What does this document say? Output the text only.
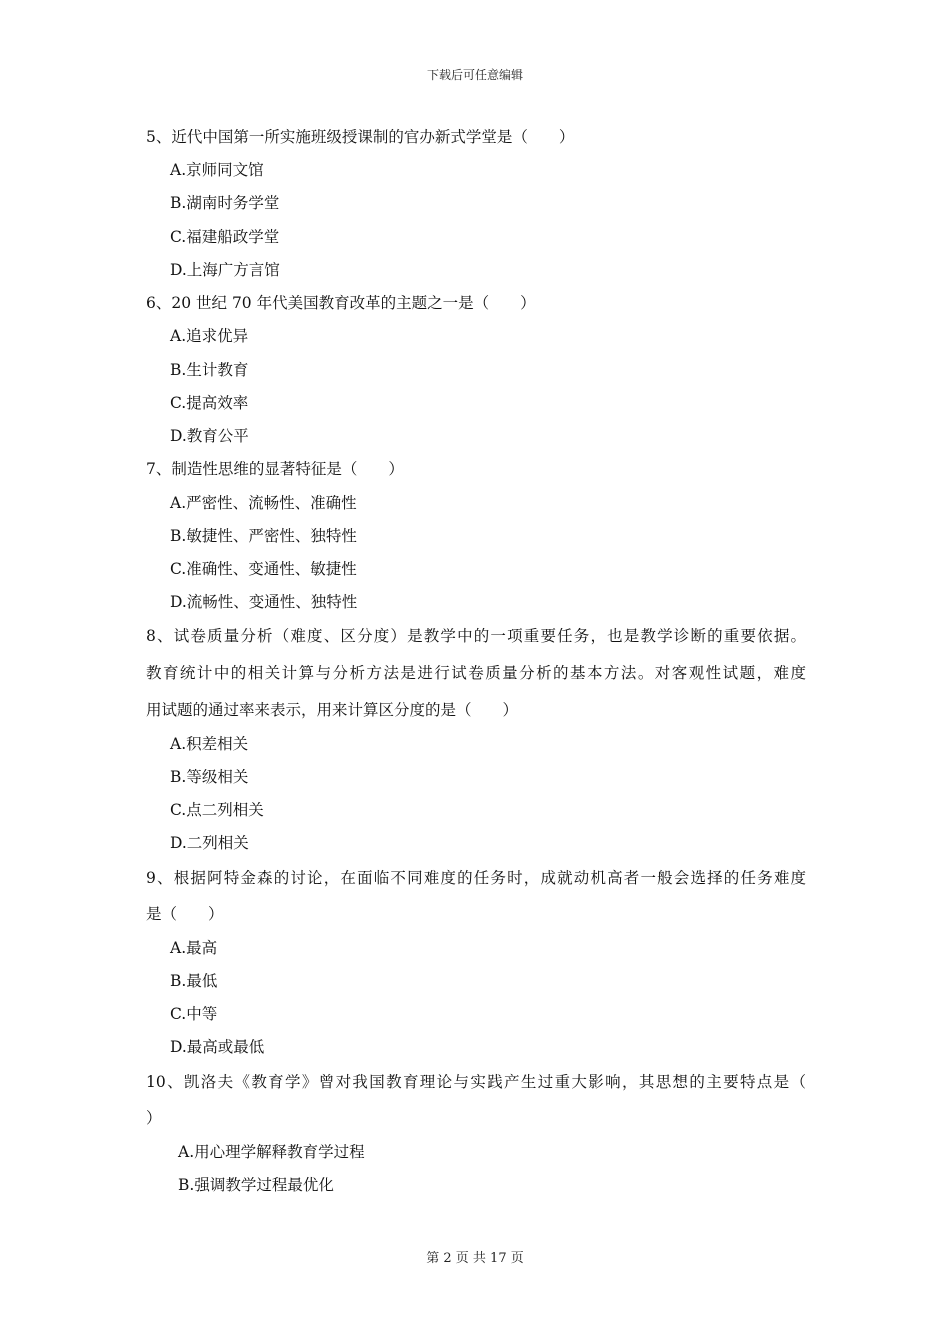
下载后可任意编辑
5、近代中国第一所实施班级授课制的官办新式学堂是（　　）
A.京师同文馆
B.湖南时务学堂
C.福建船政学堂
D.上海广方言馆
6、20 世纪 70 年代美国教育改革的主题之一是（　　）
A.追求优异
B.生计教育
C.提高效率
D.教育公平
7、制造性思维的显著特征是（　　）
A.严密性、流畅性、准确性
B.敏捷性、严密性、独特性
C.准确性、变通性、敏捷性
D.流畅性、变通性、独特性
8、试卷质量分析（难度、区分度）是教学中的一项重要任务，也是教学诊断的重要依据。
教育统计中的相关计算与分析方法是进行试卷质量分析的基本方法。对客观性试题，难度
用试题的通过率来表示，用来计算区分度的是（　　）
A.积差相关
B.等级相关
C.点二列相关
D.二列相关
9、根据阿特金森的讨论，在面临不同难度的任务时，成就动机高者一般会选择的任务难度
是（　　）
A.最高
B.最低
C.中等
D.最高或最低
10、凯洛夫《教育学》曾对我国教育理论与实践产生过重大影响，其思想的主要特点是（
）
A.用心理学解释教育学过程
B.强调教学过程最优化
第 2 页 共 17 页
